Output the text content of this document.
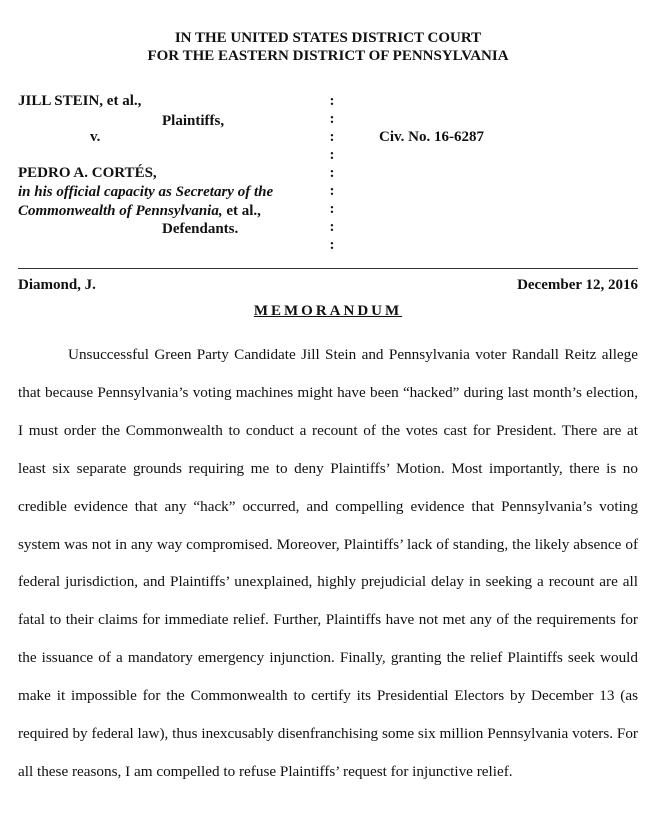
IN THE UNITED STATES DISTRICT COURT
FOR THE EASTERN DISTRICT OF PENNSYLVANIA
JILL STEIN, et al.,
Plaintiffs,
v.
PEDRO A. CORTÉS,
in his official capacity as Secretary of the
Commonwealth of Pennsylvania, et al.,
Defendants.
:
:
:
:
:
:
:
:
:
Civ. No. 16-6287
Diamond, J.	December 12, 2016
MEMORANDUM

Unsuccessful Green Party Candidate Jill Stein and Pennsylvania voter Randall Reitz allege that because Pennsylvania’s voting machines might have been “hacked” during last month’s election, I must order the Commonwealth to conduct a recount of the votes cast for President. There are at least six separate grounds requiring me to deny Plaintiffs’ Motion. Most importantly, there is no credible evidence that any “hack” occurred, and compelling evidence that Pennsylvania’s voting system was not in any way compromised. Moreover, Plaintiffs’ lack of standing, the likely absence of federal jurisdiction, and Plaintiffs’ unexplained, highly prejudicial delay in seeking a recount are all fatal to their claims for immediate relief. Further, Plaintiffs have not met any of the requirements for the issuance of a mandatory emergency injunction. Finally, granting the relief Plaintiffs seek would make it impossible for the Commonwealth to certify its Presidential Electors by December 13 (as required by federal law), thus inexcusably disenfranchising some six million Pennsylvania voters. For all these reasons, I am compelled to refuse Plaintiffs’ request for injunctive relief.
